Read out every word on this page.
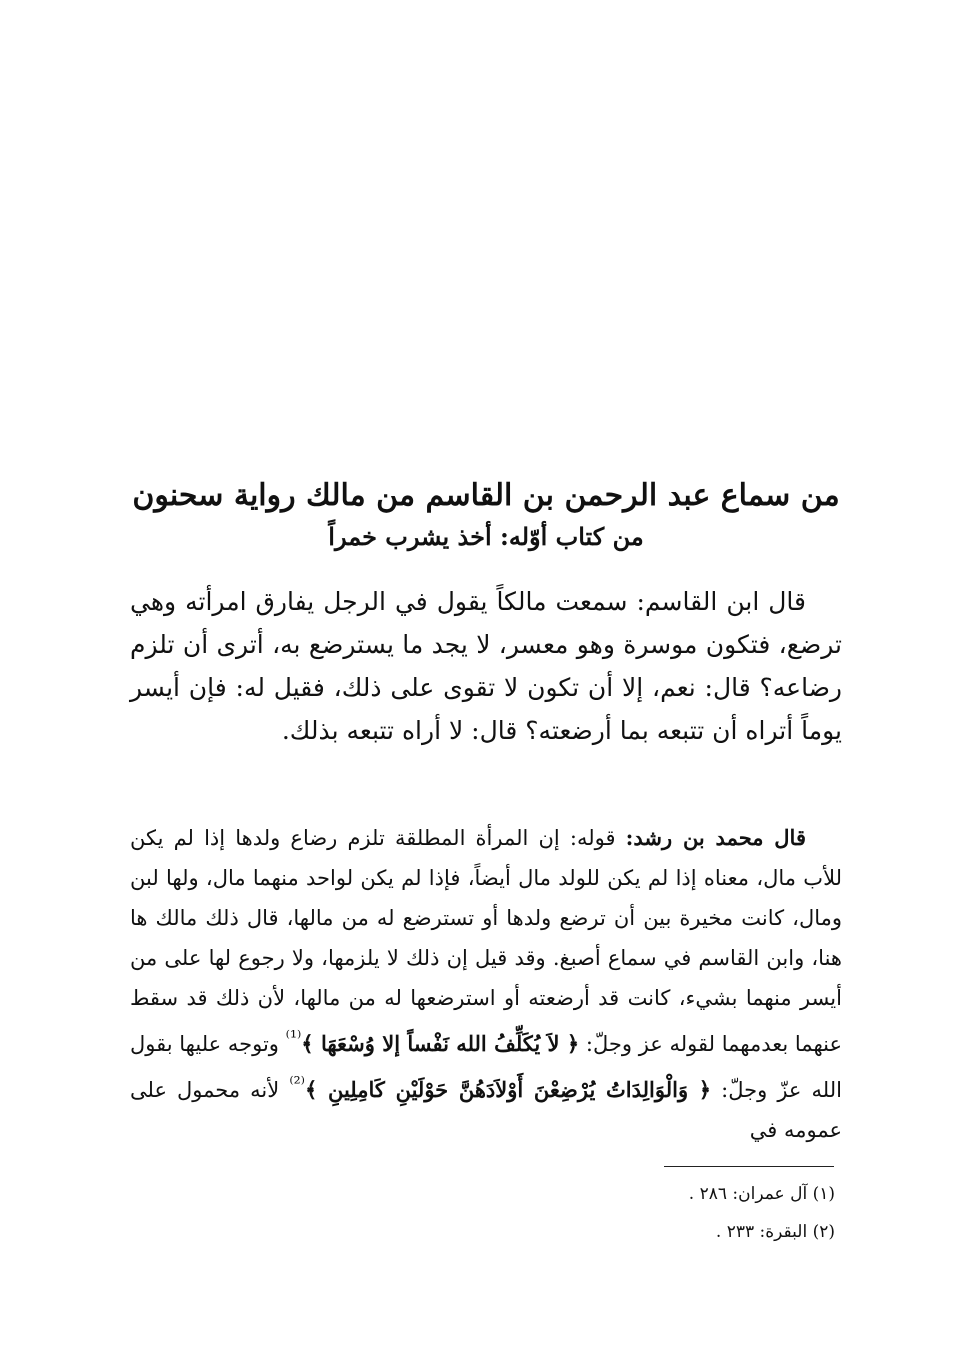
من سماع عبد الرحمن بن القاسم من مالك رواية سحنون
من كتاب أوّله: أخذ يشرب خمراً

قال ابن القاسم: سمعت مالكاً يقول في الرجل يفارق امرأته وهي ترضع، فتكون موسرة وهو معسر، لا يجد ما يسترضع به، أترى أن تلزم رضاعه؟ قال: نعم، إلا أن تكون لا تقوى على ذلك، فقيل له: فإن أيسر يوماً أتراه أن تتبعه بما أرضعته؟ قال: لا أراه تتبعه بذلك.

قال محمد بن رشد: قوله: إن المرأة المطلقة تلزم رضاع ولدها إذا لم يكن للأب مال، معناه إذا لم يكن للولد مال أيضاً، فإذا لم يكن لواحد منهما مال، ولها لبن ومال، كانت مخيرة بين أن ترضع ولدها أو تسترضع له من مالها، قال ذلك مالك ها هنا، وابن القاسم في سماع أصبغ. وقد قيل إن ذلك لا يلزمها، ولا رجوع لها على من أيسر منهما بشيء، كانت قد أرضعته أو استرضعها له من مالها، لأن ذلك قد سقط عنهما بعدمهما لقوله عز وجلّ: ﴿ لاَ يُكَلِّفُ الله نَفْساً إلا وُسْعَهَا ﴾$^{^{(1)}}$ وتوجه عليها بقول الله عزّ وجلّ: ﴿ وَالْوَالِدَاتُ يُرْضِعْنَ أَوْلاَدَهُنَّ حَوْلَيْنِ كَامِلِينِ ﴾$^{^{(2)}}$ لأنه محمول على عمومه في

(١) آل عمران: ٢٨٦ .
(٢) البقرة: ٢٣٣ .
